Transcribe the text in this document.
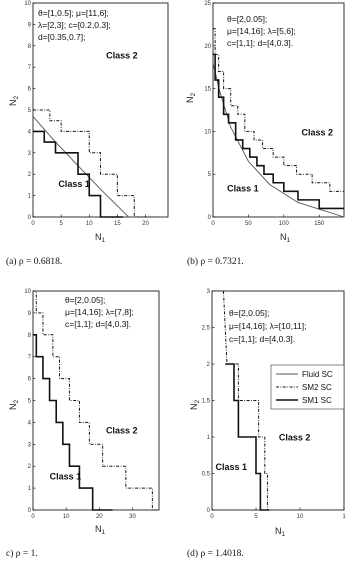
0	5	10	15	20
0
1
2
3
4
5
6
7
8
9
10
θ=[1,0.5]; μ=[11,6];
λ=[2,3]; c=[0.2,0.3];
d=[0.35,0.7];
$N_2$
$N_1$
(a) ρ = 0.6818.
Class 2
Class 1
0	50	100	150
0
5
10
15
20
25
θ=[2,0.05];
μ=[14,16]; λ=[5,6];
c=[1,1]; d=[4,0.3].
$N_2$
$N_1$
(b) ρ = 0.7321.
Class 2
Class 1
0	10	20	30
0
1
2
3
4
5
6
7
8
9
10
θ=[2,0.05];
μ=[14,16]; λ=[7,8];
c=[1,1]; d=[4,0.3].
$N_2$
$N_1$
c) ρ = 1.
Class 2
Class 1
0	5	10	1
0
0.5
1
1.5
2
2.5
3
θ=[2,0.05];
μ=[14,16]; λ=[10,11];
c=[1,1]; d=[4,0.3].
Fluid SC
SM2 SC
SM1 SC
$N_2$
$N_1$
(d) ρ = 1.4018.
Class 2
Class 1
